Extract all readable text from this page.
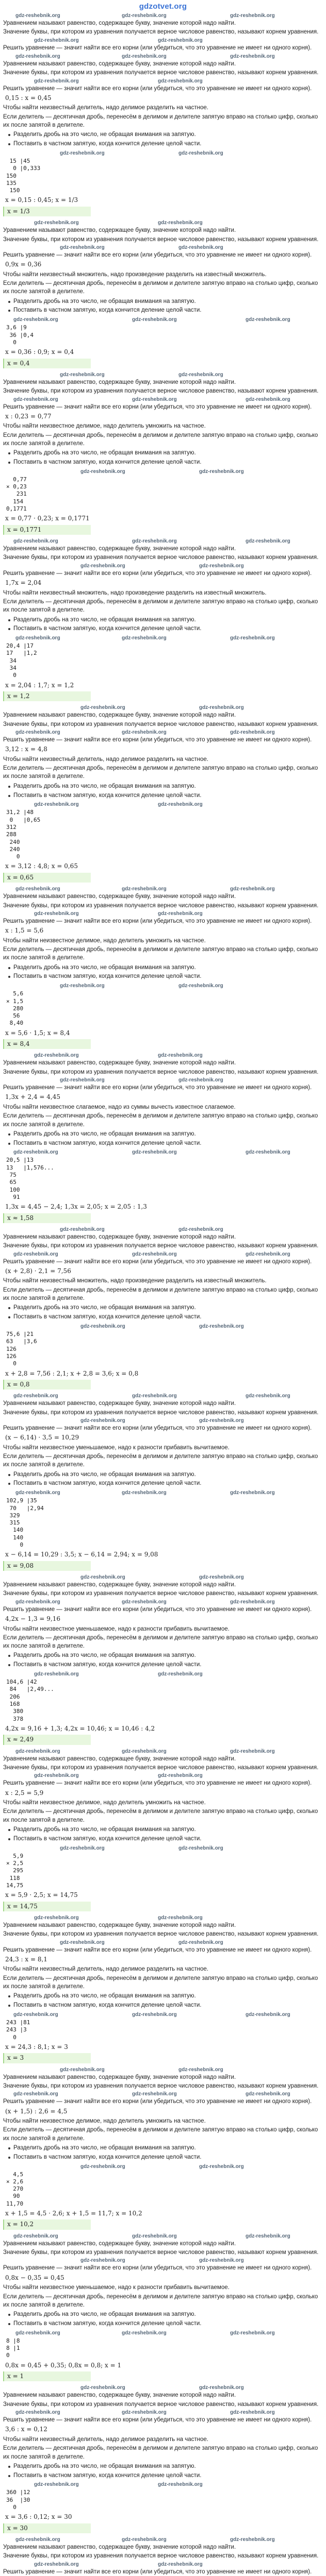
gdzotvet.org
gdz-reshebnik.org	gdz-reshebnik.org	gdz-reshebnik.org
Уравнением называют равенство, содержащее букву, значение которой надо найти.
Значение буквы, при котором из уравнения получается верное числовое равенство, называют корнем уравнения.
gdz-reshebnik.org	gdz-reshebnik.org
Решить уравнение — значит найти все его корни (или убедиться, что это уравнение не имеет ни одного корня).
gdz-reshebnik.org	gdz-reshebnik.org	gdz-reshebnik.org
Уравнением называют равенство, содержащее букву, значение которой надо найти.
Значение буквы, при котором из уравнения получается верное числовое равенство, называют корнем уравнения.
gdz-reshebnik.org	gdz-reshebnik.org
Решить уравнение — значит найти все его корни (или убедиться, что это уравнение не имеет ни одного корня).
0,15 : x = 0,45
Чтобы найти неизвестный делитель, надо делимое разделить на частное.
Если делитель — десятичная дробь, перенесём в делимом и делителе запятую вправо на столько цифр, сколько их после запятой в делителе.
Разделить дробь на это число, не обращая внимания на запятую.
Поставить в частном запятую, когда кончится деление целой части.
gdz-reshebnik.org	gdz-reshebnik.org
15 |45
0 |0,333
150
135
150
x = 0,15 : 0,45; x = 1/3
x = 1/3
gdz-reshebnik.org	gdz-reshebnik.org
Уравнением называют равенство, содержащее букву, значение которой надо найти.
Значение буквы, при котором из уравнения получается верное числовое равенство, называют корнем уравнения.
gdz-reshebnik.org	gdz-reshebnik.org
Решить уравнение — значит найти все его корни (или убедиться, что это уравнение не имеет ни одного корня).
0,9x = 0,36
Чтобы найти неизвестный множитель, надо произведение разделить на известный множитель.
Если делитель — десятичная дробь, перенесём в делимом и делителе запятую вправо на столько цифр, сколько их после запятой в делителе.
Разделить дробь на это число, не обращая внимания на запятую.
Поставить в частном запятую, когда кончится деление целой части.
gdz-reshebnik.org	gdz-reshebnik.org	gdz-reshebnik.org
3,6 |9
36 |0,4
0
x = 0,36 : 0,9; x = 0,4
x = 0,4
gdz-reshebnik.org	gdz-reshebnik.org
Уравнением называют равенство, содержащее букву, значение которой надо найти.
Значение буквы, при котором из уравнения получается верное числовое равенство, называют корнем уравнения.
gdz-reshebnik.org	gdz-reshebnik.org	gdz-reshebnik.org
Решить уравнение — значит найти все его корни (или убедиться, что это уравнение не имеет ни одного корня).
x : 0,23 = 0,77
Чтобы найти неизвестное делимое, надо делитель умножить на частное.
Если делитель — десятичная дробь, перенесём в делимом и делителе запятую вправо на столько цифр, сколько их после запятой в делителе.
Разделить дробь на это число, не обращая внимания на запятую.
Поставить в частном запятую, когда кончится деление целой части.
gdz-reshebnik.org	gdz-reshebnik.org
0,77
× 0,23
231
154
0,1771
x = 0,77 · 0,23; x = 0,1771
x = 0,1771
gdz-reshebnik.org	gdz-reshebnik.org	gdz-reshebnik.org
Уравнением называют равенство, содержащее букву, значение которой надо найти.
Значение буквы, при котором из уравнения получается верное числовое равенство, называют корнем уравнения.
gdz-reshebnik.org	gdz-reshebnik.org
Решить уравнение — значит найти все его корни (или убедиться, что это уравнение не имеет ни одного корня).
1,7x = 2,04
Чтобы найти неизвестный множитель, надо произведение разделить на известный множитель.
Если делитель — десятичная дробь, перенесём в делимом и делителе запятую вправо на столько цифр, сколько их после запятой в делителе.
Разделить дробь на это число, не обращая внимания на запятую.
Поставить в частном запятую, когда кончится деление целой части.
gdz-reshebnik.org	gdz-reshebnik.org	gdz-reshebnik.org
20,4 |17
17   |1,2
34
34
0
x = 2,04 : 1,7; x = 1,2
x = 1,2
gdz-reshebnik.org	gdz-reshebnik.org
Уравнением называют равенство, содержащее букву, значение которой надо найти.
Значение буквы, при котором из уравнения получается верное числовое равенство, называют корнем уравнения.
gdz-reshebnik.org	gdz-reshebnik.org	gdz-reshebnik.org
Решить уравнение — значит найти все его корни (или убедиться, что это уравнение не имеет ни одного корня).
3,12 : x = 4,8
Чтобы найти неизвестный делитель, надо делимое разделить на частное.
Если делитель — десятичная дробь, перенесём в делимом и делителе запятую вправо на столько цифр, сколько их после запятой в делителе.
Разделить дробь на это число, не обращая внимания на запятую.
Поставить в частном запятую, когда кончится деление целой части.
gdz-reshebnik.org	gdz-reshebnik.org
31,2 |48
0   |0,65
312
288
240
240
0
x = 3,12 : 4,8; x = 0,65
x = 0,65
gdz-reshebnik.org	gdz-reshebnik.org	gdz-reshebnik.org
Уравнением называют равенство, содержащее букву, значение которой надо найти.
Значение буквы, при котором из уравнения получается верное числовое равенство, называют корнем уравнения.
gdz-reshebnik.org	gdz-reshebnik.org
Решить уравнение — значит найти все его корни (или убедиться, что это уравнение не имеет ни одного корня).
x : 1,5 = 5,6
Чтобы найти неизвестное делимое, надо делитель умножить на частное.
Если делитель — десятичная дробь, перенесём в делимом и делителе запятую вправо на столько цифр, сколько их после запятой в делителе.
Разделить дробь на это число, не обращая внимания на запятую.
Поставить в частном запятую, когда кончится деление целой части.
gdz-reshebnik.org	gdz-reshebnik.org
5,6
× 1,5
280
56
8,40
x = 5,6 · 1,5; x = 8,4
x = 8,4
gdz-reshebnik.org	gdz-reshebnik.org
Уравнением называют равенство, содержащее букву, значение которой надо найти.
Значение буквы, при котором из уравнения получается верное числовое равенство, называют корнем уравнения.
gdz-reshebnik.org	gdz-reshebnik.org
Решить уравнение — значит найти все его корни (или убедиться, что это уравнение не имеет ни одного корня).
1,3x + 2,4 = 4,45
Чтобы найти неизвестное слагаемое, надо из суммы вычесть известное слагаемое.
Если делитель — десятичная дробь, перенесём в делимом и делителе запятую вправо на столько цифр, сколько их после запятой в делителе.
Разделить дробь на это число, не обращая внимания на запятую.
Поставить в частном запятую, когда кончится деление целой части.
gdz-reshebnik.org	gdz-reshebnik.org	gdz-reshebnik.org
20,5 |13
13   |1,576...
75
65
100
91
1,3x = 4,45 − 2,4; 1,3x = 2,05; x = 2,05 : 1,3
x ≈ 1,58
gdz-reshebnik.org	gdz-reshebnik.org
Уравнением называют равенство, содержащее букву, значение которой надо найти.
Значение буквы, при котором из уравнения получается верное числовое равенство, называют корнем уравнения.
gdz-reshebnik.org	gdz-reshebnik.org	gdz-reshebnik.org
Решить уравнение — значит найти все его корни (или убедиться, что это уравнение не имеет ни одного корня).
(x + 2,8) · 2,1 = 7,56
Чтобы найти неизвестный множитель, надо произведение разделить на известный множитель.
Если делитель — десятичная дробь, перенесём в делимом и делителе запятую вправо на столько цифр, сколько их после запятой в делителе.
Разделить дробь на это число, не обращая внимания на запятую.
Поставить в частном запятую, когда кончится деление целой части.
gdz-reshebnik.org	gdz-reshebnik.org
75,6 |21
63   |3,6
126
126
0
x + 2,8 = 7,56 : 2,1; x + 2,8 = 3,6; x = 0,8
x = 0,8
gdz-reshebnik.org	gdz-reshebnik.org	gdz-reshebnik.org
Уравнением называют равенство, содержащее букву, значение которой надо найти.
Значение буквы, при котором из уравнения получается верное числовое равенство, называют корнем уравнения.
gdz-reshebnik.org	gdz-reshebnik.org
Решить уравнение — значит найти все его корни (или убедиться, что это уравнение не имеет ни одного корня).
(x − 6,14) · 3,5 = 10,29
Чтобы найти неизвестное уменьшаемое, надо к разности прибавить вычитаемое.
Если делитель — десятичная дробь, перенесём в делимом и делителе запятую вправо на столько цифр, сколько их после запятой в делителе.
Разделить дробь на это число, не обращая внимания на запятую.
Поставить в частном запятую, когда кончится деление целой части.
gdz-reshebnik.org	gdz-reshebnik.org	gdz-reshebnik.org
102,9 |35
70   |2,94
329
315
140
140
0
x − 6,14 = 10,29 : 3,5; x − 6,14 = 2,94; x = 9,08
x = 9,08
gdz-reshebnik.org	gdz-reshebnik.org
Уравнением называют равенство, содержащее букву, значение которой надо найти.
Значение буквы, при котором из уравнения получается верное числовое равенство, называют корнем уравнения.
gdz-reshebnik.org	gdz-reshebnik.org	gdz-reshebnik.org
Решить уравнение — значит найти все его корни (или убедиться, что это уравнение не имеет ни одного корня).
4,2x − 1,3 = 9,16
Чтобы найти неизвестное уменьшаемое, надо к разности прибавить вычитаемое.
Если делитель — десятичная дробь, перенесём в делимом и делителе запятую вправо на столько цифр, сколько их после запятой в делителе.
Разделить дробь на это число, не обращая внимания на запятую.
Поставить в частном запятую, когда кончится деление целой части.
gdz-reshebnik.org	gdz-reshebnik.org
104,6 |42
84   |2,49...
206
168
380
378
4,2x = 9,16 + 1,3; 4,2x = 10,46; x = 10,46 : 4,2
x ≈ 2,49
gdz-reshebnik.org	gdz-reshebnik.org	gdz-reshebnik.org
Уравнением называют равенство, содержащее букву, значение которой надо найти.
Значение буквы, при котором из уравнения получается верное числовое равенство, называют корнем уравнения.
gdz-reshebnik.org	gdz-reshebnik.org
Решить уравнение — значит найти все его корни (или убедиться, что это уравнение не имеет ни одного корня).
x : 2,5 = 5,9
Чтобы найти неизвестное делимое, надо делитель умножить на частное.
Если делитель — десятичная дробь, перенесём в делимом и делителе запятую вправо на столько цифр, сколько их после запятой в делителе.
Разделить дробь на это число, не обращая внимания на запятую.
Поставить в частном запятую, когда кончится деление целой части.
gdz-reshebnik.org	gdz-reshebnik.org
5,9
× 2,5
295
118
14,75
x = 5,9 · 2,5; x = 14,75
x = 14,75
gdz-reshebnik.org	gdz-reshebnik.org
Уравнением называют равенство, содержащее букву, значение которой надо найти.
Значение буквы, при котором из уравнения получается верное числовое равенство, называют корнем уравнения.
gdz-reshebnik.org	gdz-reshebnik.org
Решить уравнение — значит найти все его корни (или убедиться, что это уравнение не имеет ни одного корня).
24,3 : x = 8,1
Чтобы найти неизвестный делитель, надо делимое разделить на частное.
Если делитель — десятичная дробь, перенесём в делимом и делителе запятую вправо на столько цифр, сколько их после запятой в делителе.
Разделить дробь на это число, не обращая внимания на запятую.
Поставить в частном запятую, когда кончится деление целой части.
gdz-reshebnik.org	gdz-reshebnik.org	gdz-reshebnik.org
243 |81
243 |3
0
x = 24,3 : 8,1; x = 3
x = 3
gdz-reshebnik.org	gdz-reshebnik.org
Уравнением называют равенство, содержащее букву, значение которой надо найти.
Значение буквы, при котором из уравнения получается верное числовое равенство, называют корнем уравнения.
gdz-reshebnik.org	gdz-reshebnik.org	gdz-reshebnik.org
Решить уравнение — значит найти все его корни (или убедиться, что это уравнение не имеет ни одного корня).
(x + 1,5) : 2,6 = 4,5
Чтобы найти неизвестное делимое, надо делитель умножить на частное.
Если делитель — десятичная дробь, перенесём в делимом и делителе запятую вправо на столько цифр, сколько их после запятой в делителе.
Разделить дробь на это число, не обращая внимания на запятую.
Поставить в частном запятую, когда кончится деление целой части.
gdz-reshebnik.org	gdz-reshebnik.org
4,5
× 2,6
270
90
11,70
x + 1,5 = 4,5 · 2,6; x + 1,5 = 11,7; x = 10,2
x = 10,2
gdz-reshebnik.org	gdz-reshebnik.org	gdz-reshebnik.org
Уравнением называют равенство, содержащее букву, значение которой надо найти.
Значение буквы, при котором из уравнения получается верное числовое равенство, называют корнем уравнения.
gdz-reshebnik.org	gdz-reshebnik.org
Решить уравнение — значит найти все его корни (или убедиться, что это уравнение не имеет ни одного корня).
0,8x − 0,35 = 0,45
Чтобы найти неизвестное уменьшаемое, надо к разности прибавить вычитаемое.
Если делитель — десятичная дробь, перенесём в делимом и делителе запятую вправо на столько цифр, сколько их после запятой в делителе.
Разделить дробь на это число, не обращая внимания на запятую.
Поставить в частном запятую, когда кончится деление целой части.
gdz-reshebnik.org	gdz-reshebnik.org	gdz-reshebnik.org
8 |8
8 |1
0
0,8x = 0,45 + 0,35; 0,8x = 0,8; x = 1
x = 1
gdz-reshebnik.org	gdz-reshebnik.org
Уравнением называют равенство, содержащее букву, значение которой надо найти.
Значение буквы, при котором из уравнения получается верное числовое равенство, называют корнем уравнения.
gdz-reshebnik.org	gdz-reshebnik.org	gdz-reshebnik.org
Решить уравнение — значит найти все его корни (или убедиться, что это уравнение не имеет ни одного корня).
3,6 : x = 0,12
Чтобы найти неизвестный делитель, надо делимое разделить на частное.
Если делитель — десятичная дробь, перенесём в делимом и делителе запятую вправо на столько цифр, сколько их после запятой в делителе.
Разделить дробь на это число, не обращая внимания на запятую.
Поставить в частном запятую, когда кончится деление целой части.
gdz-reshebnik.org	gdz-reshebnik.org
360 |12
36  |30
0
x = 3,6 : 0,12; x = 30
x = 30
gdz-reshebnik.org	gdz-reshebnik.org	gdz-reshebnik.org
Уравнением называют равенство, содержащее букву, значение которой надо найти.
Значение буквы, при котором из уравнения получается верное числовое равенство, называют корнем уравнения.
gdz-reshebnik.org	gdz-reshebnik.org
Решить уравнение — значит найти все его корни (или убедиться, что это уравнение не имеет ни одного корня).
